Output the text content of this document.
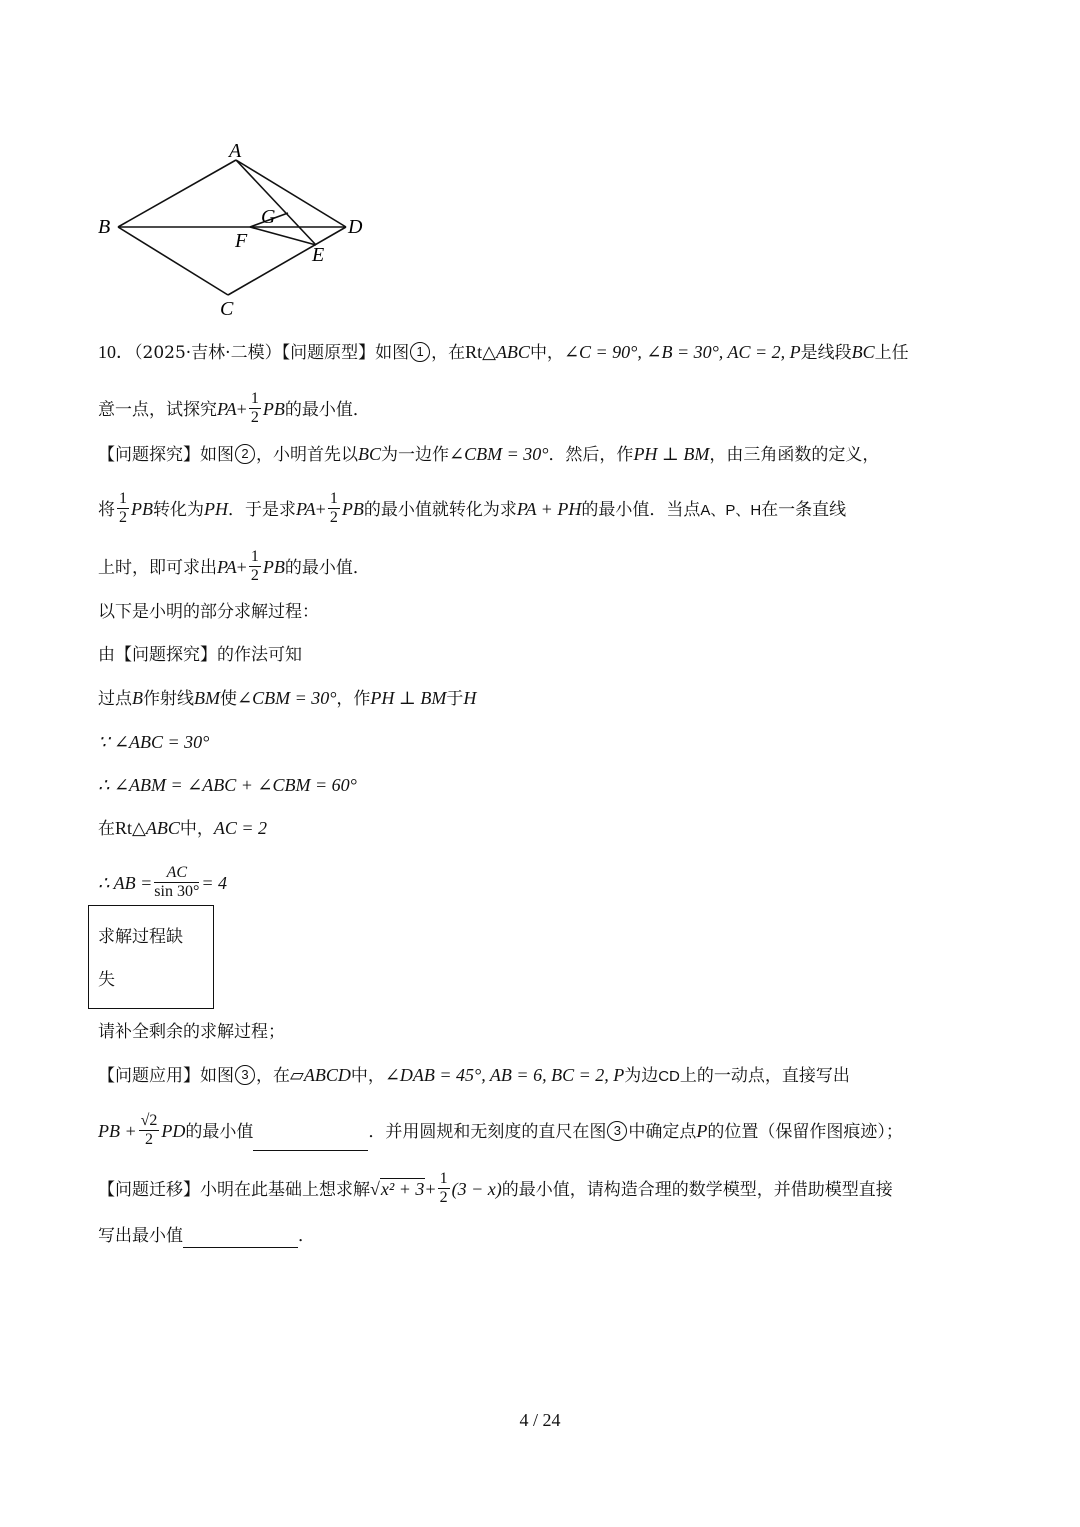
A
B
C
D
E
F
G
10．（2025·吉林·二模）【问题原型】如图 1 ，在Rt△ABC中，∠C = 90°, ∠B = 30°, AC = 2, P是线段BC上任
意一点，试探究$PA+ \frac{1}{2}$ PB的最小值．
【问题探究】如图 2 ，小明首先以BC为一边作∠CBM = 30°．然后，作PH ⊥ BM，由三角函数的定义，
将 $\frac{1}{2}$ PB转化为PH．于是求$PA+ \frac{1}{2}$ PB的最小值就转化为求PA + PH的最小值．当点A、P、H在一条直线
上时，即可求出$PA+ \frac{1}{2}$ PB的最小值．
以下是小明的部分求解过程：
由【问题探究】的作法可知
过点B作射线BM使∠CBM = 30°，作PH ⊥ BM于H
∵ ∠ABC = 30°
∴ ∠ABM = ∠ABC + ∠CBM = 60°
在Rt△ABC中，AC = 2
∴ AB = $\frac{AC}{\sin 30^\circ} = 4$
求解过程缺
失
请补全剩余的求解过程；
【问题应用】如图 3 ，在▱ABCD中，∠DAB = 45°, AB = 6, BC = 2, P为边CD上的一动点，直接写出
PB + $\frac{√2}{2}$ PD的最小值	．并用圆规和无刻度的直尺在图 3 中确定点P的位置（保留作图痕迹）；
【问题迁移】小明在此基础上想求解$√x^2 + 3+ \frac{1}{2} (3 - x)$的最小值，请构造合理的数学模型，并借助模型直接
写出最小值	．
4 / 24
